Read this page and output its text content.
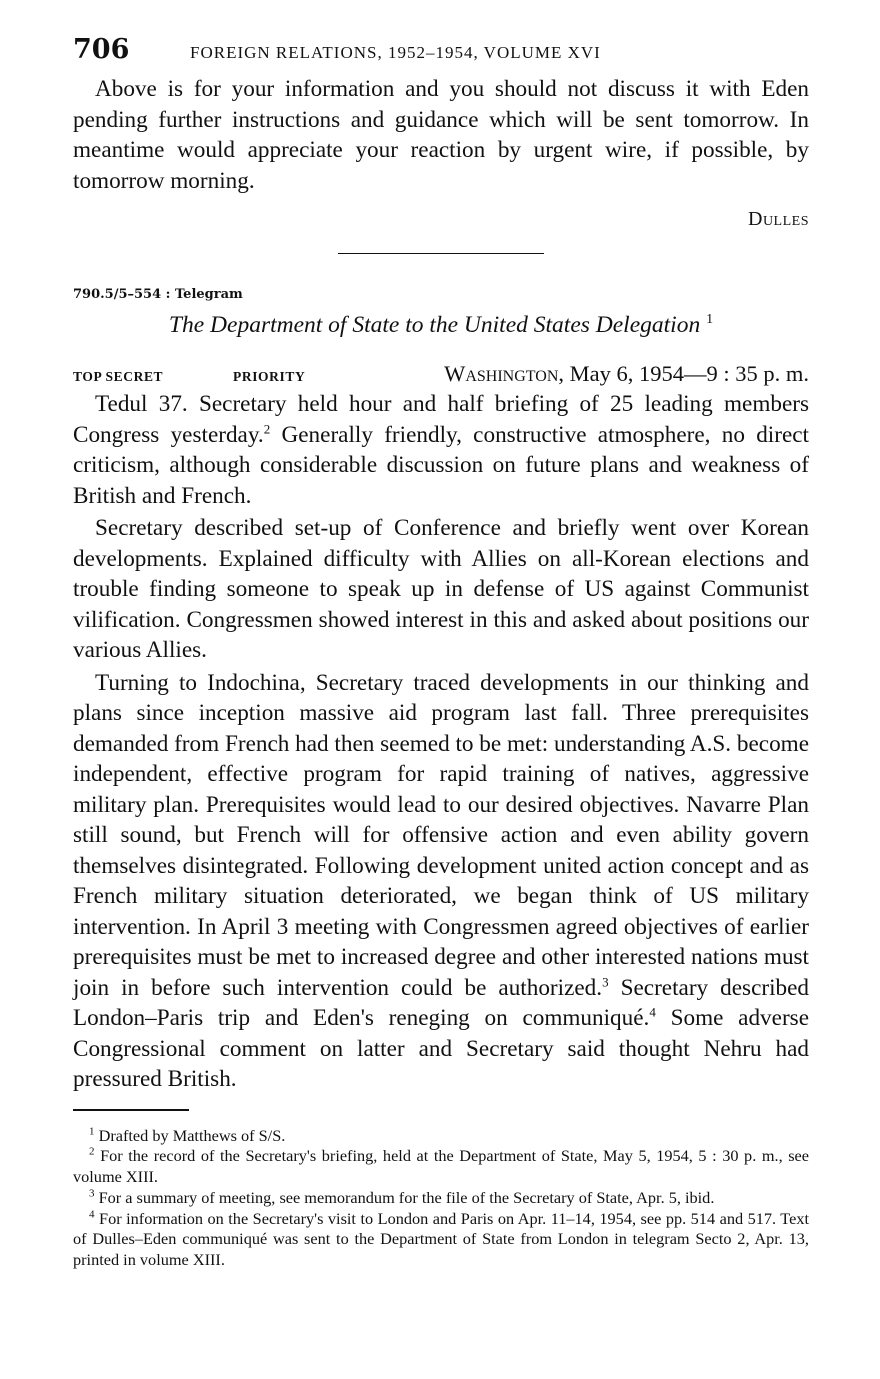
706	FOREIGN RELATIONS, 1952–1954, VOLUME XVI

Above is for your information and you should not discuss it with Eden pending further instructions and guidance which will be sent tomorrow. In meantime would appreciate your reaction by urgent wire, if possible, by tomorrow morning.

Dulles
790.5/5–554 : Telegram
The Department of State to the United States Delegation $^1$
TOP SECRET	PRIORITY	Washington, May 6, 1954—9 : 35 p. m.

Tedul 37. Secretary held hour and half briefing of 25 leading members Congress yesterday.$^2$ Generally friendly, constructive atmosphere, no direct criticism, although considerable discussion on future plans and weakness of British and French.

Secretary described set-up of Conference and briefly went over Korean developments. Explained difficulty with Allies on all-Korean elections and trouble finding someone to speak up in defense of US against Communist vilification. Congressmen showed interest in this and asked about positions our various Allies.

Turning to Indochina, Secretary traced developments in our thinking and plans since inception massive aid program last fall. Three prerequisites demanded from French had then seemed to be met: understanding A.S. become independent, effective program for rapid training of natives, aggressive military plan. Prerequisites would lead to our desired objectives. Navarre Plan still sound, but French will for offensive action and even ability govern themselves disintegrated. Following development united action concept and as French military situation deteriorated, we began think of US military intervention. In April 3 meeting with Congressmen agreed objectives of earlier prerequisites must be met to increased degree and other interested nations must join in before such intervention could be authorized.$^3$ Secretary described London–Paris trip and Eden's reneging on communiqué.$^4$ Some adverse Congressional comment on latter and Secretary said thought Nehru had pressured British.

$^1$ Drafted by Matthews of S/S.

$^2$ For the record of the Secretary's briefing, held at the Department of State, May 5, 1954, 5 : 30 p. m., see volume XIII.

$^3$ For a summary of meeting, see memorandum for the file of the Secretary of State, Apr. 5, ibid.

$^4$ For information on the Secretary's visit to London and Paris on Apr. 11–14, 1954, see pp. 514 and 517. Text of Dulles–Eden communiqué was sent to the Department of State from London in telegram Secto 2, Apr. 13, printed in volume XIII.
